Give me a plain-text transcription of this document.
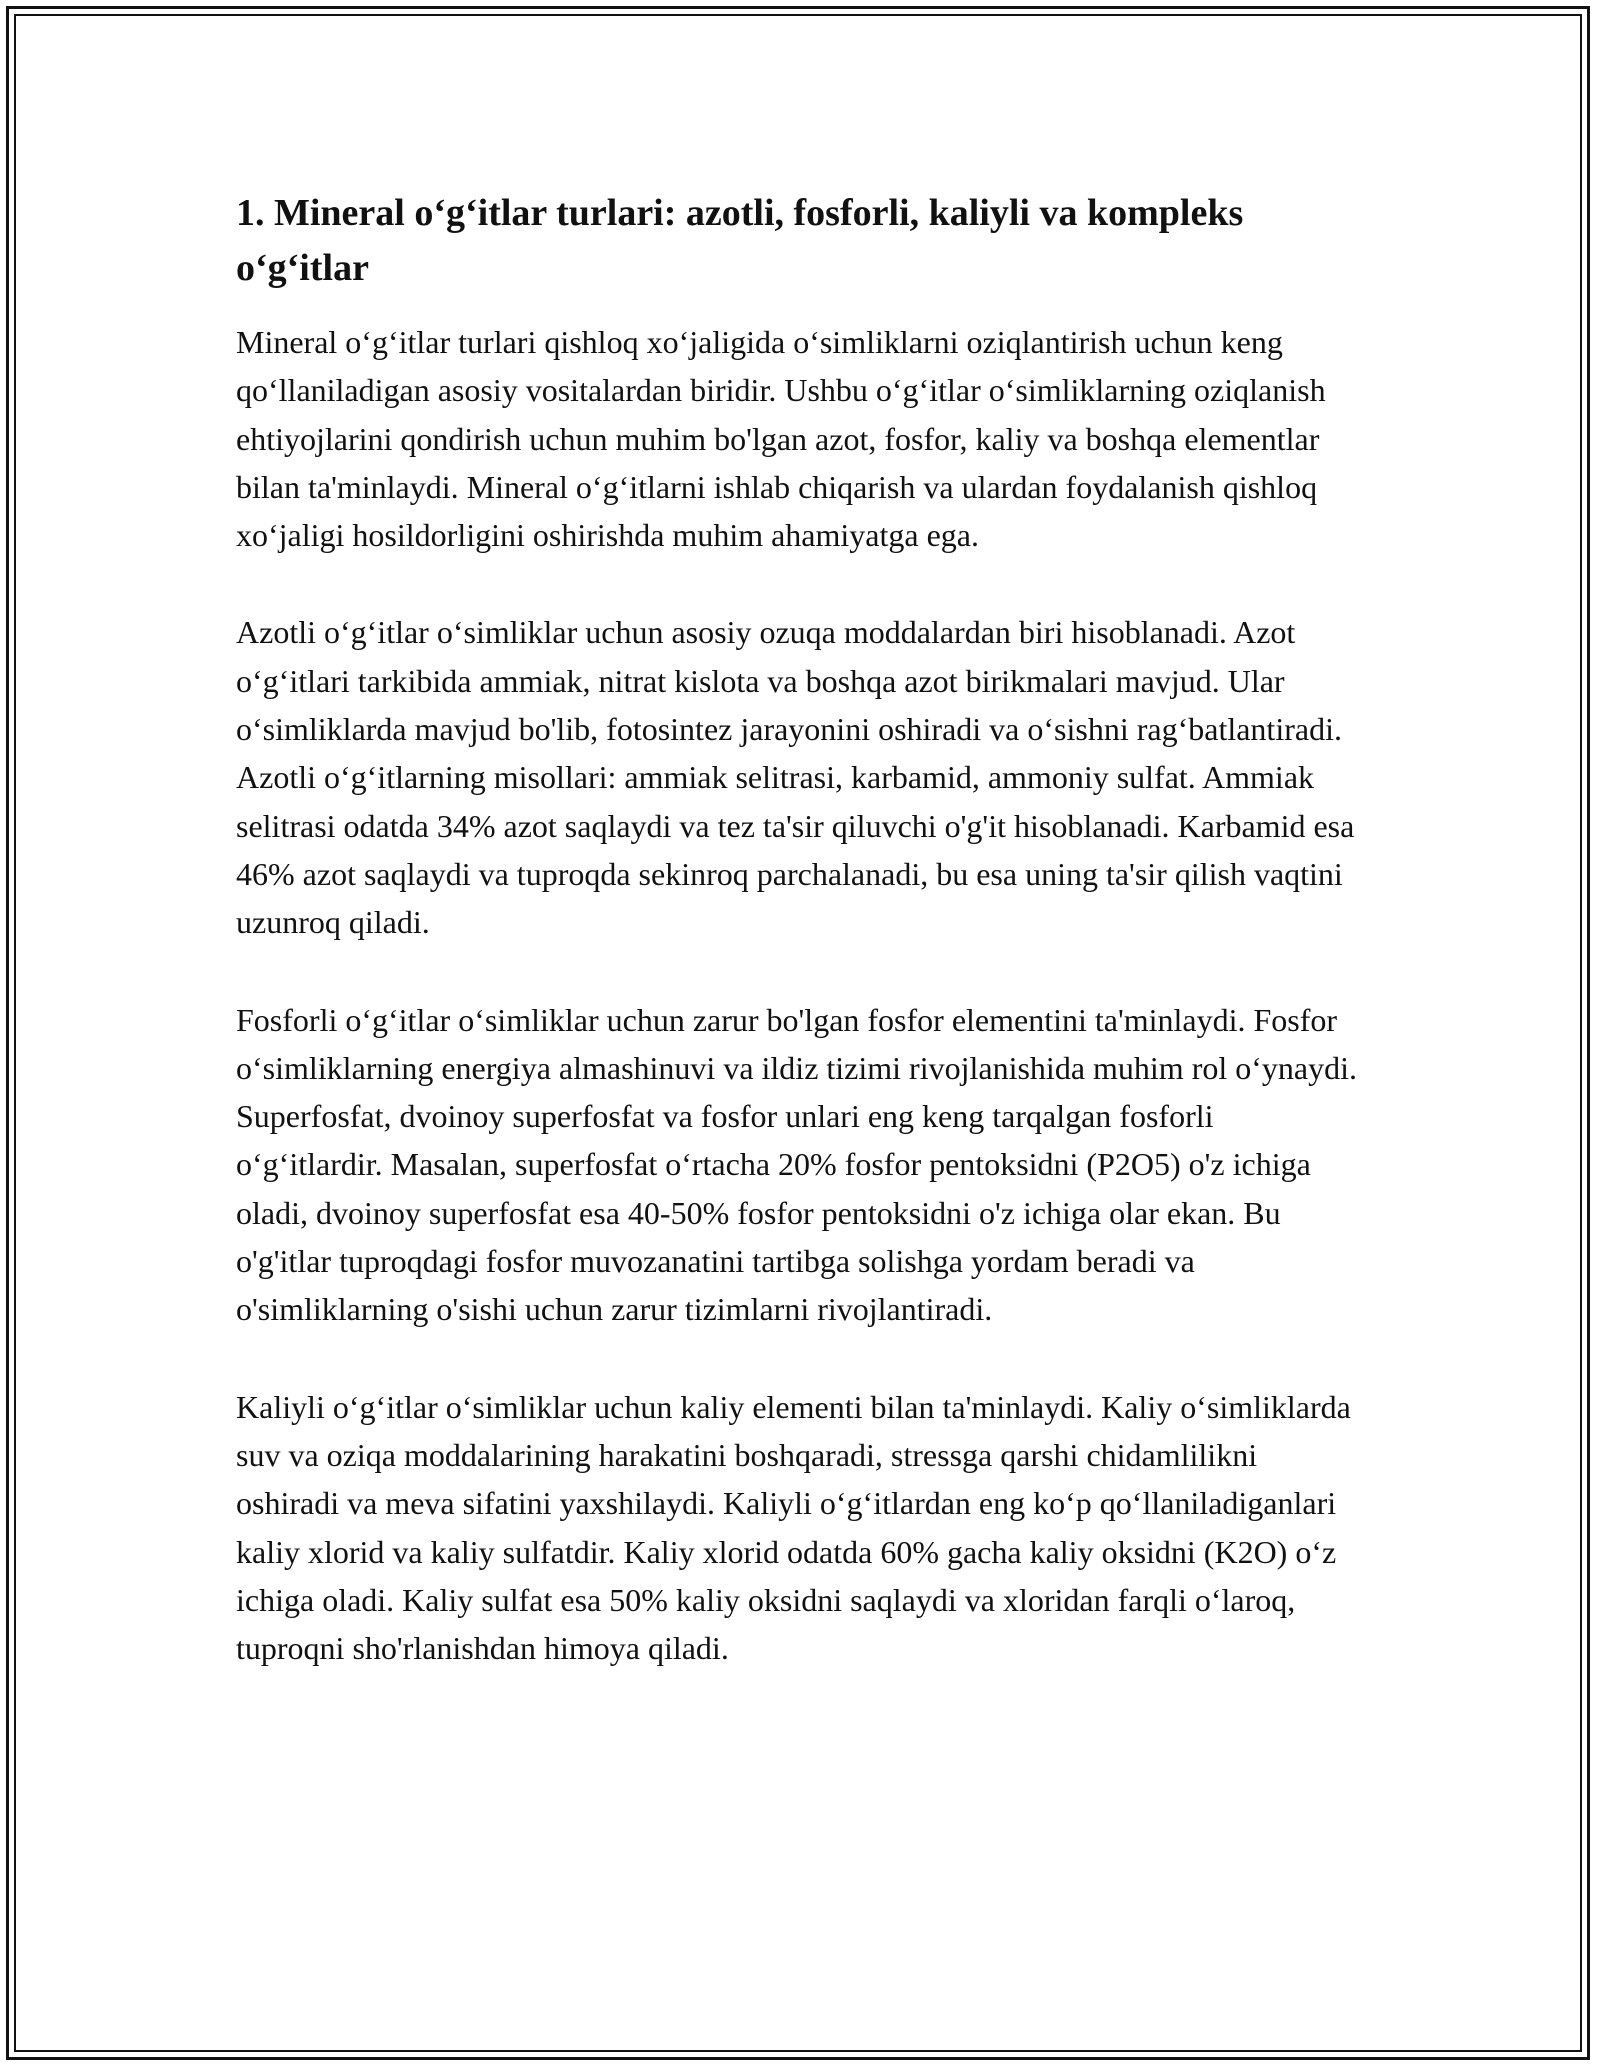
1. Mineral o‘g‘itlar turlari: azotli, fosforli, kaliyli va kompleks o‘g‘itlar

Mineral o‘g‘itlar turlari qishloq xo‘jaligida o‘simliklarni oziqlantirish uchun keng qo‘llaniladigan asosiy vositalardan biridir. Ushbu o‘g‘itlar o‘simliklarning oziqlanish ehtiyojlarini qondirish uchun muhim bo'lgan azot, fosfor, kaliy va boshqa elementlar bilan ta'minlaydi. Mineral o‘g‘itlarni ishlab chiqarish va ulardan foydalanish qishloq xo‘jaligi hosildorligini oshirishda muhim ahamiyatga ega.

Azotli o‘g‘itlar o‘simliklar uchun asosiy ozuqa moddalardan biri hisoblanadi. Azot o‘g‘itlari tarkibida ammiak, nitrat kislota va boshqa azot birikmalari mavjud. Ular o‘simliklarda mavjud bo'lib, fotosintez jarayonini oshiradi va o‘sishni rag‘batlantiradi. Azotli o‘g‘itlarning misollari: ammiak selitrasi, karbamid, ammoniy sulfat. Ammiak selitrasi odatda 34% azot saqlaydi va tez ta'sir qiluvchi o'g'it hisoblanadi. Karbamid esa 46% azot saqlaydi va tuproqda sekinroq parchalanadi, bu esa uning ta'sir qilish vaqtini uzunroq qiladi.

Fosforli o‘g‘itlar o‘simliklar uchun zarur bo'lgan fosfor elementini ta'minlaydi. Fosfor o‘simliklarning energiya almashinuvi va ildiz tizimi rivojlanishida muhim rol o‘ynaydi. Superfosfat, dvoinoy superfosfat va fosfor unlari eng keng tarqalgan fosforli o‘g‘itlardir. Masalan, superfosfat o‘rtacha 20% fosfor pentoksidni (P2O5) o'z ichiga oladi, dvoinoy superfosfat esa 40-50% fosfor pentoksidni o'z ichiga olar ekan. Bu o'g'itlar tuproqdagi fosfor muvozanatini tartibga solishga yordam beradi va o'simliklarning o'sishi uchun zarur tizimlarni rivojlantiradi.

Kaliyli o‘g‘itlar o‘simliklar uchun kaliy elementi bilan ta'minlaydi. Kaliy o‘simliklarda suv va oziqa moddalarining harakatini boshqaradi, stressga qarshi chidamlilikni oshiradi va meva sifatini yaxshilaydi. Kaliyli o‘g‘itlardan eng ko‘p qo‘llaniladiganlari kaliy xlorid va kaliy sulfatdir. Kaliy xlorid odatda 60% gacha kaliy oksidni (K2O) o‘z ichiga oladi. Kaliy sulfat esa 50% kaliy oksidni saqlaydi va xloridan farqli o‘laroq, tuproqni sho'rlanishdan himoya qiladi.
